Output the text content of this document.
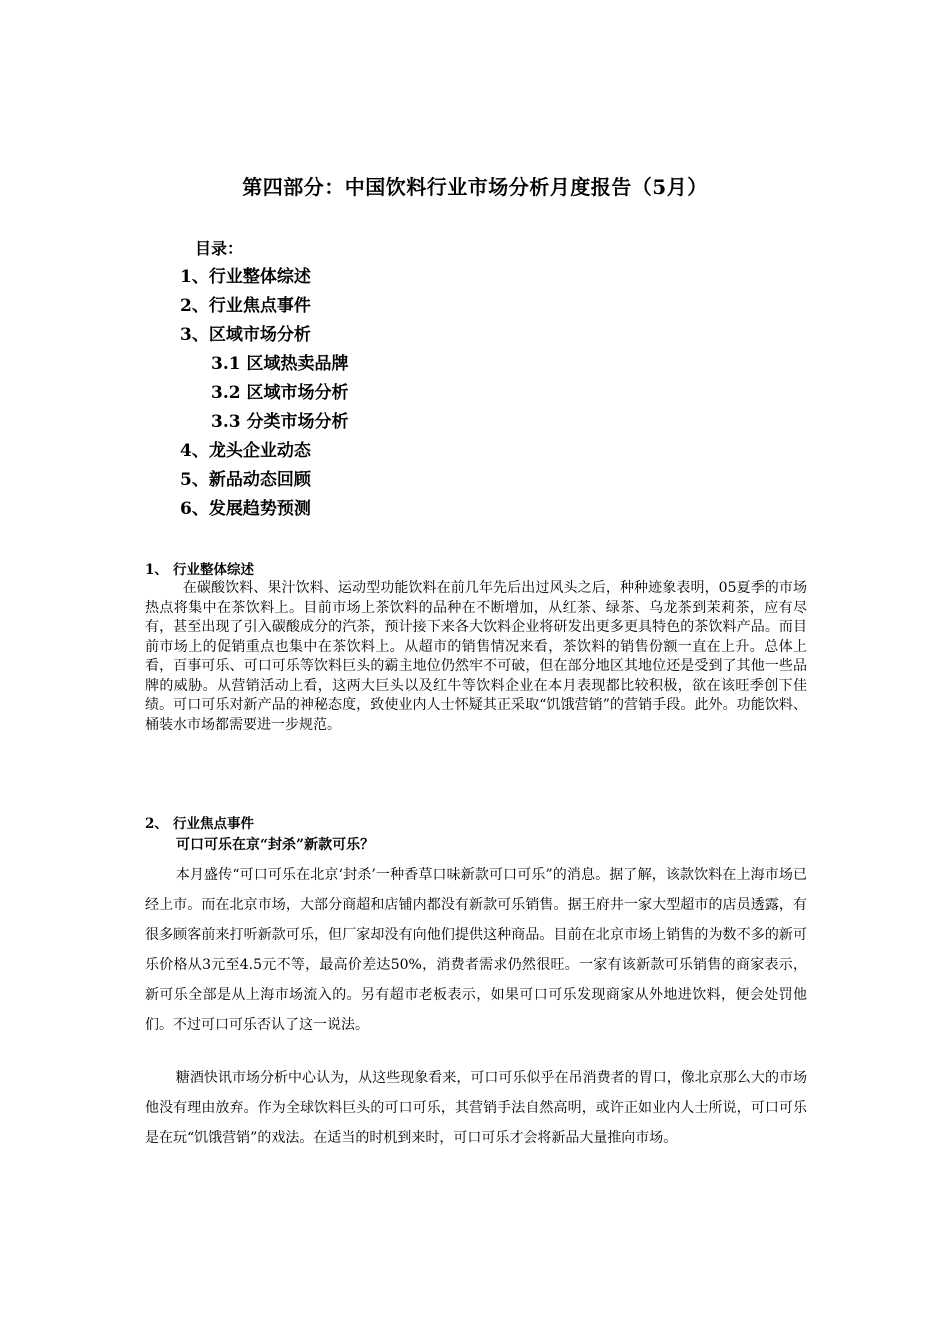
第四部分：中国饮料行业市场分析月度报告（5月）
目录：
1、行业整体综述
2、行业焦点事件
3、区域市场分析
3.1 区域热卖品牌
3.2 区域市场分析
3.3 分类市场分析
4、龙头企业动态
5、新品动态回顾
6、发展趋势预测
1、 行业整体综述

在碳酸饮料、果汁饮料、运动型功能饮料在前几年先后出过风头之后，种种迹象表明，05夏季的市场热点将集中在茶饮料上。目前市场上茶饮料的品种在不断增加，从红茶、绿茶、乌龙茶到茉莉茶，应有尽有，甚至出现了引入碳酸成分的汽茶，预计接下来各大饮料企业将研发出更多更具特色的茶饮料产品。而目前市场上的促销重点也集中在茶饮料上。从超市的销售情况来看，茶饮料的销售份额一直在上升。总体上看，百事可乐、可口可乐等饮料巨头的霸主地位仍然牢不可破，但在部分地区其地位还是受到了其他一些品牌的威胁。从营销活动上看，这两大巨头以及红牛等饮料企业在本月表现都比较积极，欲在该旺季创下佳绩。可口可乐对新产品的神秘态度，致使业内人士怀疑其正采取“饥饿营销”的营销手段。此外。功能饮料、桶装水市场都需要进一步规范。

2、 行业焦点事件
可口可乐在京“封杀”新款可乐？

本月盛传“可口可乐在北京‘封杀’一种香草口味新款可口可乐”的消息。据了解，该款饮料在上海市场已经上市。而在北京市场，大部分商超和店铺内都没有新款可乐销售。据王府井一家大型超市的店员透露，有很多顾客前来打听新款可乐，但厂家却没有向他们提供这种商品。目前在北京市场上销售的为数不多的新可乐价格从3元至4.5元不等，最高价差达50%，消费者需求仍然很旺。一家有该新款可乐销售的商家表示，新可乐全部是从上海市场流入的。另有超市老板表示，如果可口可乐发现商家从外地进饮料，便会处罚他们。不过可口可乐否认了这一说法。

糖酒快讯市场分析中心认为，从这些现象看来，可口可乐似乎在吊消费者的胃口，像北京那么大的市场他没有理由放弃。作为全球饮料巨头的可口可乐，其营销手法自然高明，或许正如业内人士所说，可口可乐是在玩“饥饿营销”的戏法。在适当的时机到来时，可口可乐才会将新品大量推向市场。
